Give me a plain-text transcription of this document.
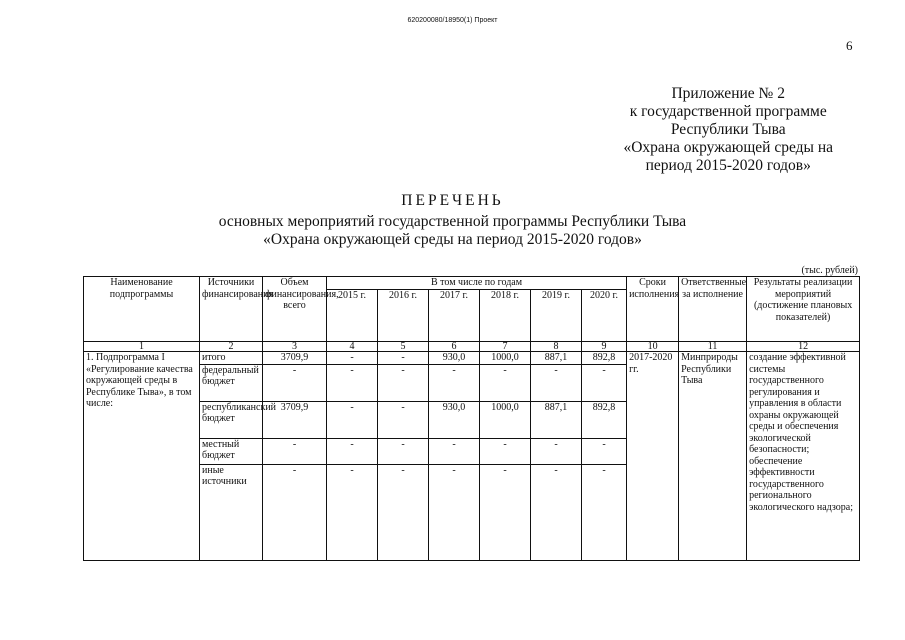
620200080/18950(1) Проект
6
Приложение № 2
к государственной программе
Республики Тыва
«Охрана окружающей среды на
период 2015-2020 годов»
ПЕРЕЧЕНЬ
основных мероприятий государственной программы Республики Тыва
«Охрана окружающей среды на период 2015-2020 годов»
(тыс. рублей)
Наименование подпрограммы	Источники финансирования	Объем финансирования, всего	В том числе по годам						Сроки исполнения	Ответственные за исполнение	Результаты реализации мероприятий (достижение плановых показателей)
			2015 г.	2016 г.	2017 г.	2018 г.	2019 г.	2020 г.			
1	2	3	4	5	6	7	8	9	10	11	12
1. Подпрограмма I «Регулирование качества окружающей среды в Республике Тыва», в том числе:	итого	3709,9	-	-	930,0	1000,0	887,1	892,8	2017-2020 гг.	Минприроды Республики Тыва	создание эффективной системы государственного регулирования и управления в области охраны окружающей среды и обеспечения экологической безопасности; обеспечение эффективности государственного регионального экологического надзора;
	федеральный бюджет	-	-	-	-	-	-	-			
	республиканский бюджет	3709,9	-	-	930,0	1000,0	887,1	892,8			
	местный бюджет	-	-	-	-	-	-	-			
	иные источники	-	-	-	-	-	-	-			
